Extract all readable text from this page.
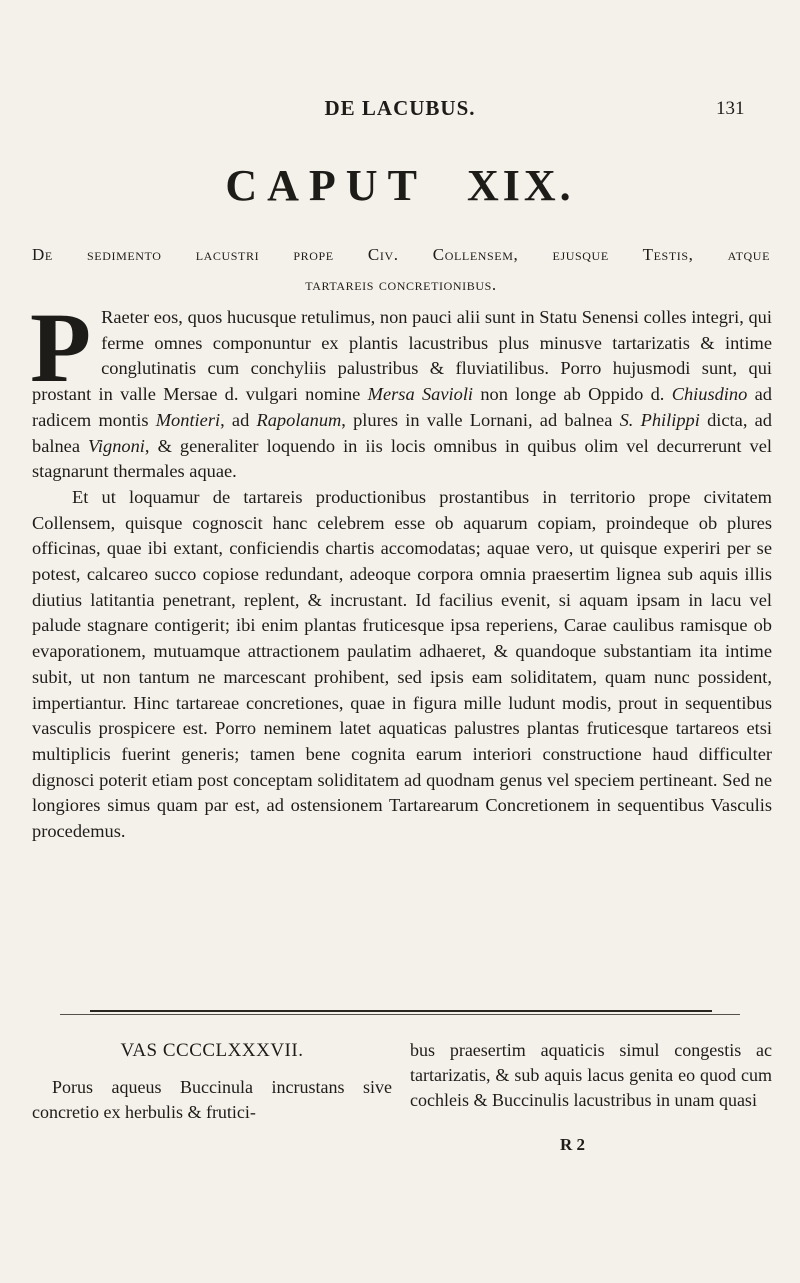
DE LACUBUS.	131
CAPUT XIX.
De sedimento lacustri prope Civ. Collensem, ejusque Testis, atque
tartareis concretionibus.

P Raeter eos, quos hucusque retulimus, non pauci alii sunt in Statu Senensi colles integri, qui ferme omnes componuntur ex plantis lacustribus plus minusve tartarizatis & intime conglutinatis cum conchyliis palustribus & fluviatilibus. Porro hujusmodi sunt, qui prostant in valle Mersae d. vulgari nomine Mersa Savioli non longe ab Oppido d. Chiusdino ad radicem montis Montieri, ad Rapolanum, plures in valle Lornani, ad balnea S. Philippi dicta, ad balnea Vignoni, & generaliter loquendo in iis locis omnibus in quibus olim vel decurrerunt vel stagnarunt thermales aquae.

Et ut loquamur de tartareis productionibus prostantibus in territorio prope civitatem Collensem, quisque cognoscit hanc celebrem esse ob aquarum copiam, proindeque ob plures officinas, quae ibi extant, conficiendis chartis accomodatas; aquae vero, ut quisque experiri per se potest, calcareo succo copiose redundant, adeoque corpora omnia praesertim lignea sub aquis illis diutius latitantia penetrant, replent, & incrustant. Id facilius evenit, si aquam ipsam in lacu vel palude stagnare contigerit; ibi enim plantas fruticesque ipsa reperiens, Carae caulibus ramisque ob evaporationem, mutuamque attractionem paulatim adhaeret, & quandoque substantiam ita intime subit, ut non tantum ne marcescant prohibent, sed ipsis eam soliditatem, quam nunc possident, impertiantur. Hinc tartareae concretiones, quae in figura mille ludunt modis, prout in sequentibus vasculis prospicere est. Porro neminem latet aquaticas palustres plantas fruticesque tartareos etsi multiplicis fuerint generis; tamen bene cognita earum interiori constructione haud difficulter dignosci poterit etiam post conceptam soliditatem ad quodnam genus vel speciem pertineant. Sed ne longiores simus quam par est, ad ostensionem Tartarearum Concretionem in sequentibus Vasculis procedemus.

VAS CCCCLXXXVII.
Porus aqueus Buccinula incrustans sive concretio ex herbulis & frutici-
bus praesertim aquaticis simul congestis ac tartarizatis, & sub aquis lacus genita eo quod cum cochleis & Buccinulis lacustribus in unam quasi
R 2
